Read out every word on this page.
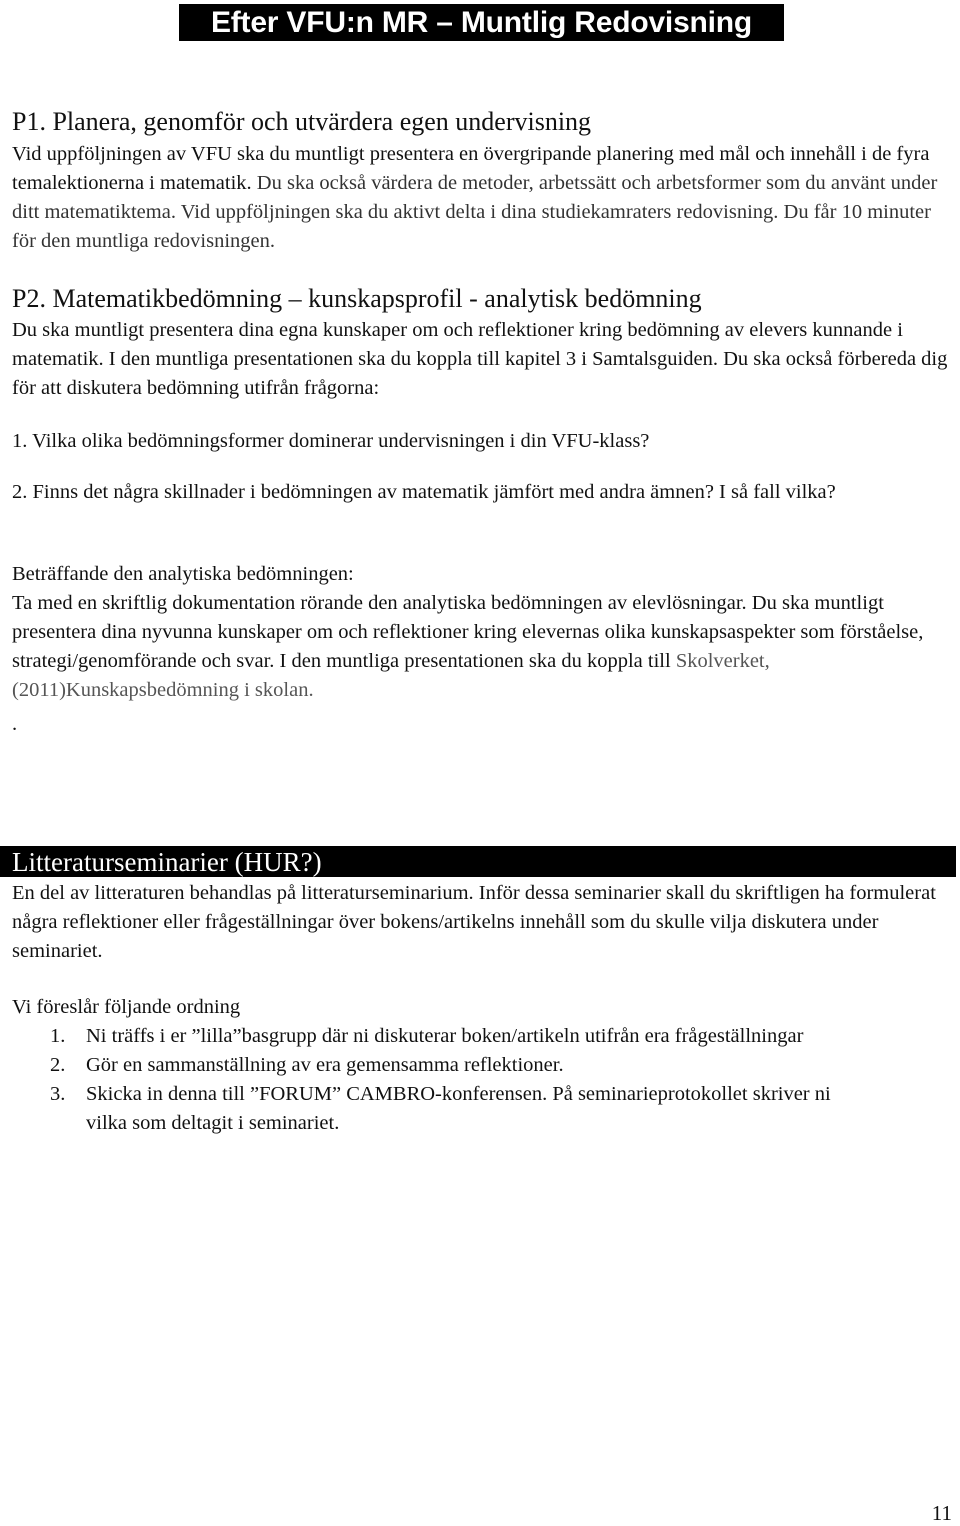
Efter VFU:n MR – Muntlig Redovisning
P1. Planera, genomför och utvärdera egen undervisning
Vid uppföljningen av VFU ska du muntligt presentera en övergripande planering med mål och innehåll i de fyra temalektionerna i matematik. Du ska också värdera de metoder, arbetssätt och arbetsformer som du använt under ditt matematiktema. Vid uppföljningen ska du aktivt delta i dina studiekamraters redovisning. Du får 10 minuter för den muntliga redovisningen.
P2. Matematikbedömning – kunskapsprofil - analytisk bedömning
Du ska muntligt presentera dina egna kunskaper om och reflektioner kring bedömning av elevers kunnande i matematik. I den muntliga presentationen ska du koppla till kapitel 3 i Samtalsguiden. Du ska också förbereda dig för att diskutera bedömning utifrån frågorna:
1. Vilka olika bedömningsformer dominerar undervisningen i din VFU-klass?
2. Finns det några skillnader i bedömningen av matematik jämfört med andra ämnen? I så fall vilka?
Beträffande den analytiska bedömningen:
Ta med en skriftlig dokumentation rörande den analytiska bedömningen av elevlösningar. Du ska muntligt presentera dina nyvunna kunskaper om och reflektioner kring elevernas olika kunskapsaspekter som förståelse, strategi/genomförande och svar. I den muntliga presentationen ska du koppla till Skolverket, (2011)Kunskapsbedömning i skolan.
.
Litteraturseminarier (HUR?)
En del av litteraturen behandlas på litteraturseminarium. Inför dessa seminarier skall du skriftligen ha formulerat några reflektioner eller frågeställningar över bokens/artikelns innehåll som du skulle vilja diskutera under seminariet.
Vi föreslår följande ordning
1. Ni träffs i er ”lilla”basgrupp där ni diskuterar boken/artikeln utifrån era frågeställningar
2. Gör en sammanställning av era gemensamma reflektioner.
3. Skicka in denna till ”FORUM” CAMBRO-konferensen. På seminarieprotokollet skriver ni vilka som deltagit i seminariet.
11
